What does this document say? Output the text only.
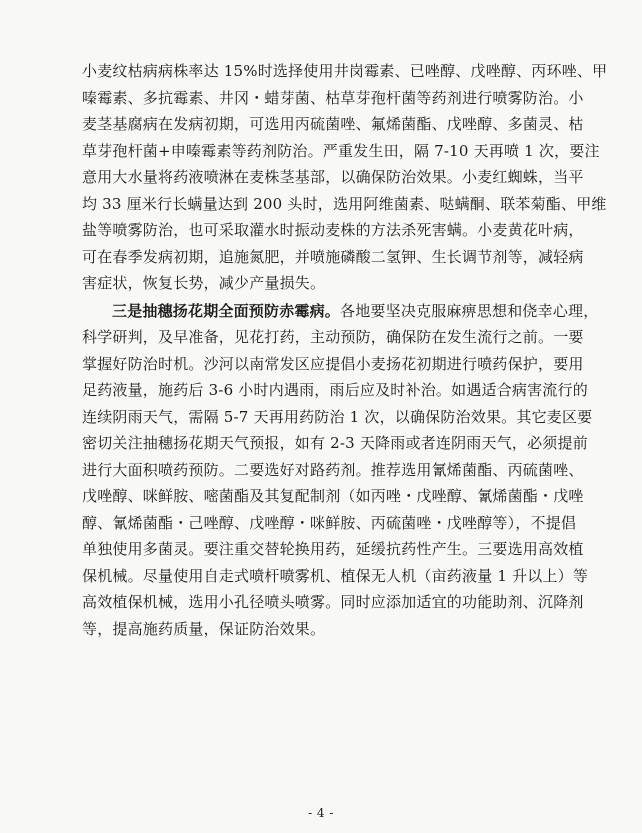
小麦纹枯病病株率达 15%时选择使用井岗霉素、已唑醇、戊唑醇、丙环唑、甲
嗪霉素、多抗霉素、井冈・蜡芽菌、枯草芽孢杆菌等药剂进行喷雾防治。小
麦茎基腐病在发病初期，可选用丙硫菌唑、氟烯菌酯、戊唑醇、多菌灵、枯
草芽孢杆菌+申嗪霉素等药剂防治。严重发生田，隔 7-10 天再喷 1 次，要注
意用大水量将药液喷淋在麦株茎基部，以确保防治效果。小麦红蜘蛛，当平
均 33 厘米行长螨量达到 200 头时，选用阿维菌素、哒螨酮、联苯菊酯、甲维
盐等喷雾防治，也可采取灌水时振动麦株的方法杀死害螨。小麦黄花叶病，
可在春季发病初期，追施氮肥，并喷施磷酸二氢钾、生长调节剂等，减轻病
害症状，恢复长势，减少产量损失。
三是抽穗扬花期全面预防赤霉病。各地要坚决克服麻痹思想和侥幸心理，
科学研判，及早准备，见花打药，主动预防，确保防在发生流行之前。一要
掌握好防治时机。沙河以南常发区应提倡小麦扬花初期进行喷药保护，要用
足药液量，施药后 3-6 小时内遇雨，雨后应及时补治。如遇适合病害流行的
连续阴雨天气，需隔 5-7 天再用药防治 1 次，以确保防治效果。其它麦区要
密切关注抽穗扬花期天气预报，如有 2-3 天降雨或者连阴雨天气，必须提前
进行大面积喷药预防。二要选好对路药剂。推荐选用氰烯菌酯、丙硫菌唑、
戊唑醇、咪鲜胺、嘧菌酯及其复配制剂（如丙唑・戊唑醇、氰烯菌酯・戊唑
醇、氰烯菌酯・己唑醇、戊唑醇・咪鲜胺、丙硫菌唑・戊唑醇等），不提倡
单独使用多菌灵。要注重交替轮换用药，延缓抗药性产生。三要选用高效植
保机械。尽量使用自走式喷杆喷雾机、植保无人机（亩药液量 1 升以上）等
高效植保机械，选用小孔径喷头喷雾。同时应添加适宜的功能助剂、沉降剂
等，提高施药质量，保证防治效果。
- 4 -
